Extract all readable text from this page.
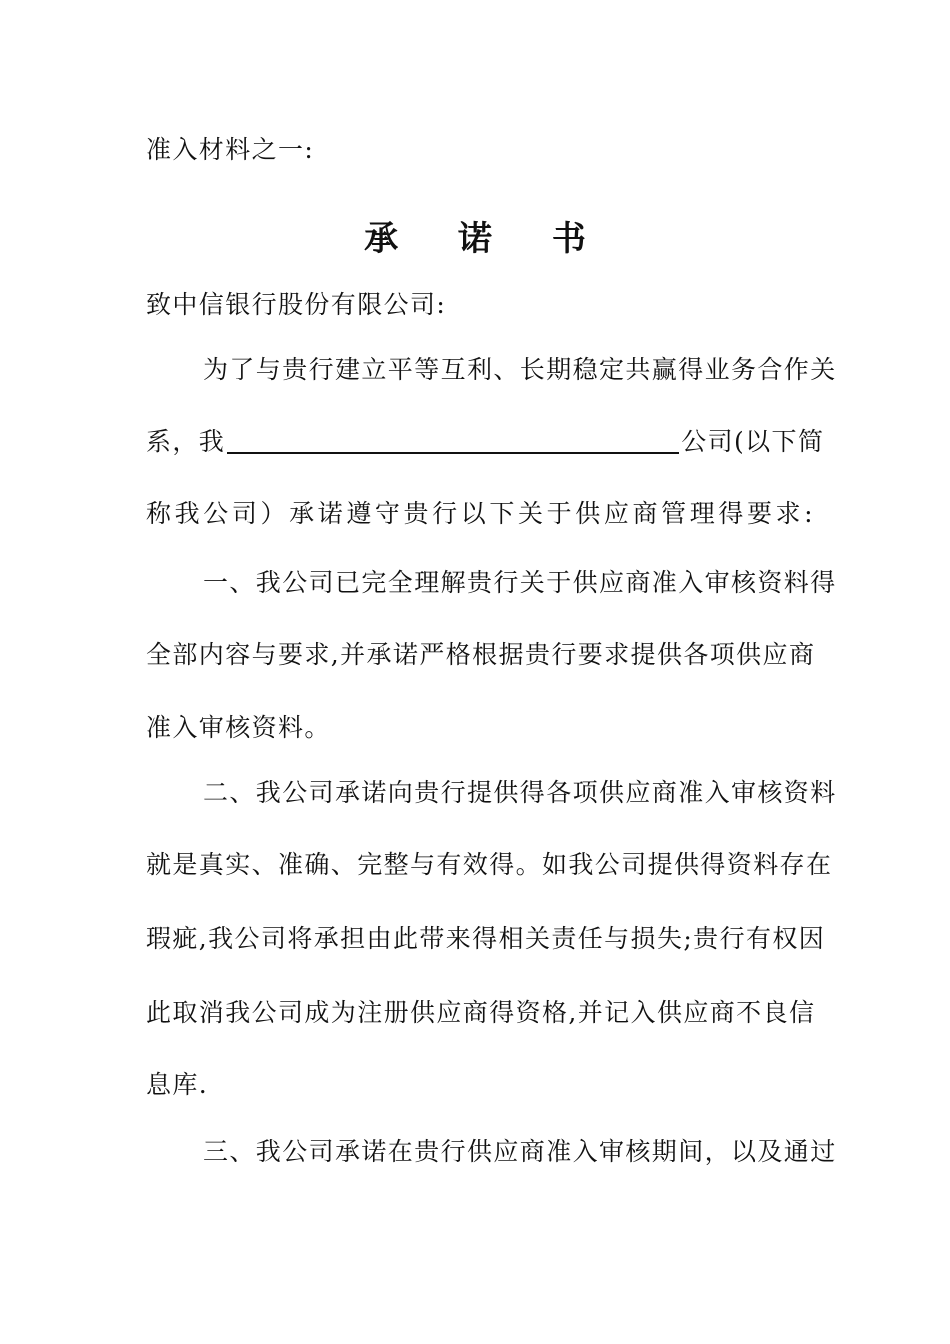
准入材料之一:
承 诺 书
致中信银行股份有限公司:
为了与贵行建立平等互利、长期稳定共赢得业务合作关
系，我	公司(以下简
称我公司）承诺遵守贵行以下关于供应商管理得要求:
一、我公司已完全理解贵行关于供应商准入审核资料得
全部内容与要求,并承诺严格根据贵行要求提供各项供应商
准入审核资料。
二、我公司承诺向贵行提供得各项供应商准入审核资料
就是真实、准确、完整与有效得。如我公司提供得资料存在
瑕疵,我公司将承担由此带来得相关责任与损失;贵行有权因
此取消我公司成为注册供应商得资格,并记入供应商不良信
息库.
三、我公司承诺在贵行供应商准入审核期间，以及通过
